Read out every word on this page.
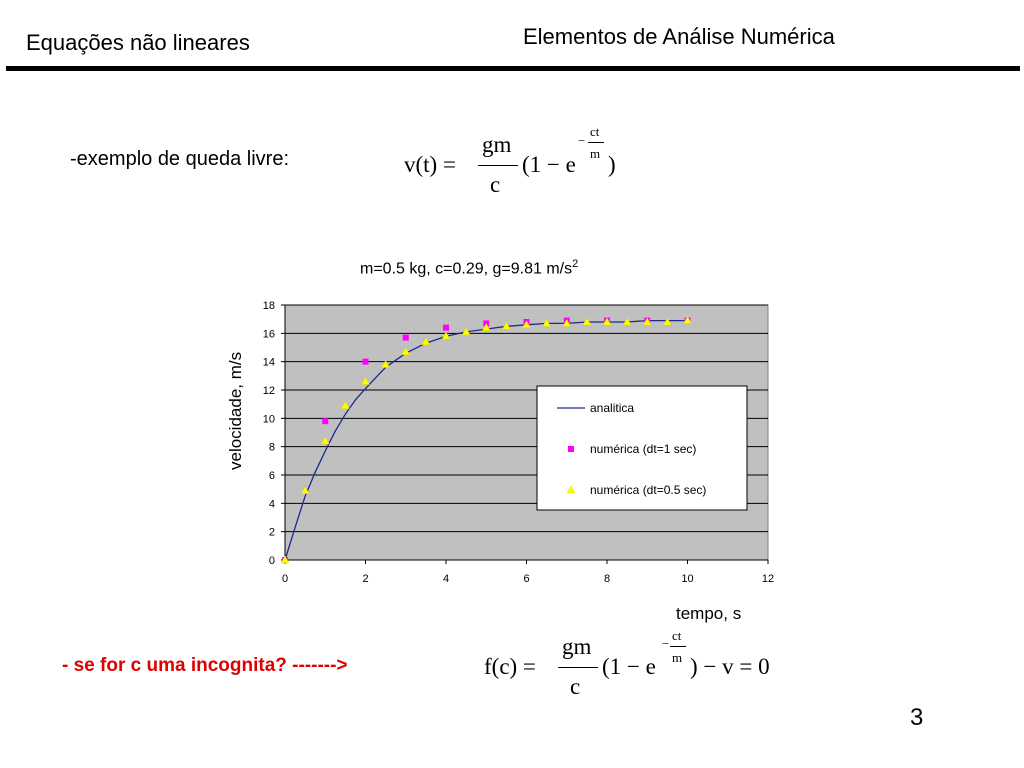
Equações não lineares	Elementos de Análise Numérica
-exemplo de queda livre:	v(t) =
gm
c
(1 − e
−
ct
m )
m=0.5 kg, c=0.29, g=9.81 $m/s^2$
0
2
4
6
8
10
12
14
16
18
0	2	4	6	8	10	12
analitica
numérica (dt=1 sec)
numérica (dt=0.5 sec)
velocidade, m/s
tempo, s
- se for c uma incognita? ------->	f(c) =
gm
c
(1 − e
−
ct
m ) − v = 0
3
